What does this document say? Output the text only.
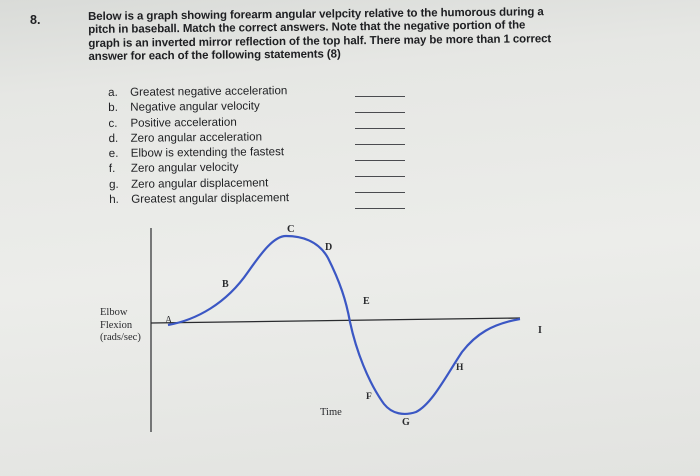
8.	Below is a graph showing forearm angular velpcity relative to the humorous during a
pitch in baseball. Match the correct answers. Note that the negative portion of the
graph is an inverted mirror reflection of the top half. There may be more than 1 correct
answer for each of the following statements (8)

a. Greatest negative acceleration
b. Negative angular velocity
c. Positive acceleration
d. Zero angular acceleration
e. Elbow is extending the fastest
f. Zero angular velocity
g. Zero angular displacement
h. Greatest angular displacement
A
B
C
D
E
F
G
H
I
Elbow
Flexion
(rads/sec)
Time
